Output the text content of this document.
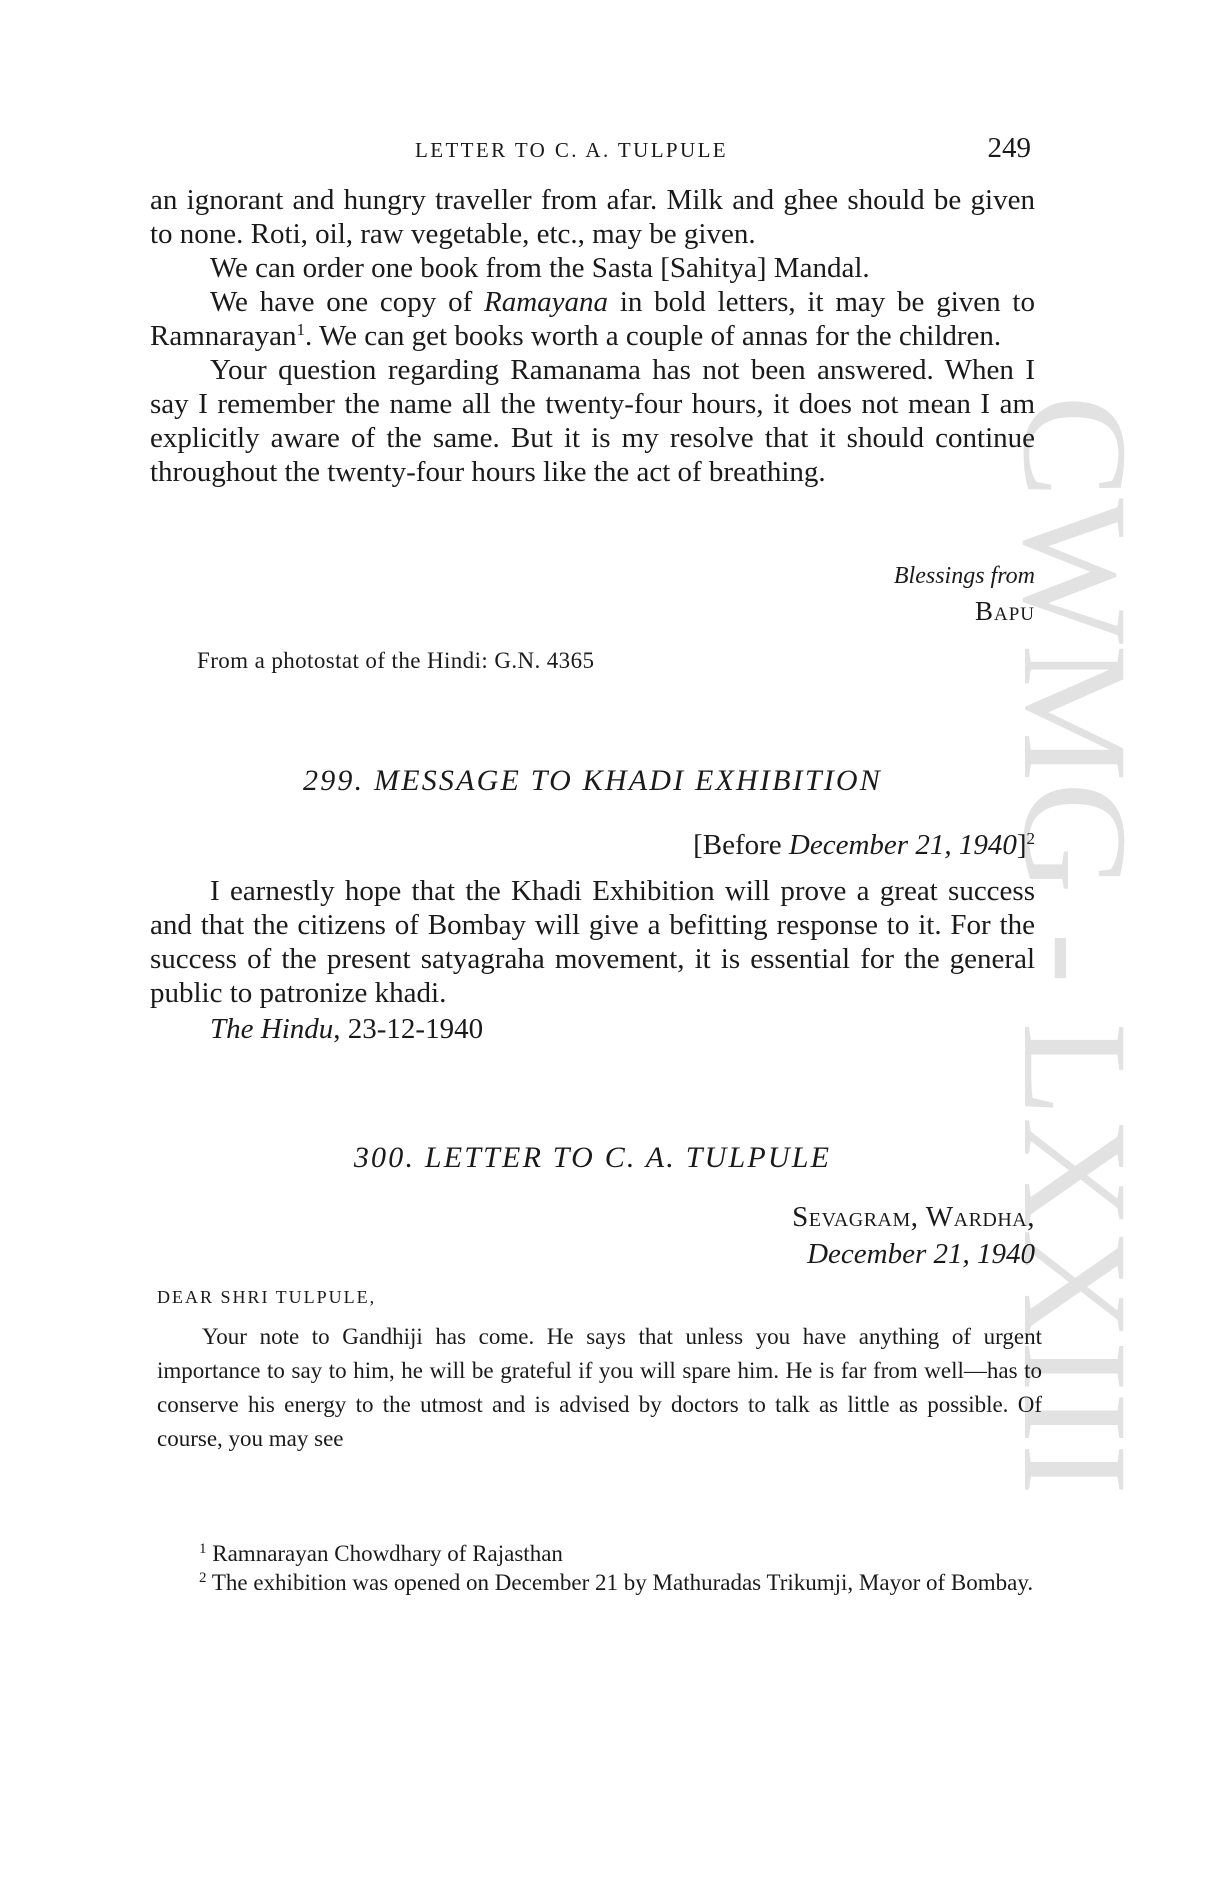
CWMG LXXIII
LETTER TO C. A. TULPULE	249

an ignorant and hungry traveller from afar. Milk and ghee should be given to none. Roti, oil, raw vegetable, etc., may be given.

We can order one book from the Sasta [Sahitya] Mandal.

We have one copy of Ramayana in bold letters, it may be given to Ramnarayan$^1$. We can get books worth a couple of annas for the children.

Your question regarding Ramanama has not been answered. When I say I remember the name all the twenty-four hours, it does not mean I am explicitly aware of the same. But it is my resolve that it should continue throughout the twenty-four hours like the act of breathing.

Blessings from
Bapu
From a photostat of the Hindi: G.N. 4365
299. MESSAGE TO KHADI EXHIBITION
[Before December 21, 1940]$^2$

I earnestly hope that the Khadi Exhibition will prove a great success and that the citizens of Bombay will give a befitting response to it. For the success of the present satyagraha movement, it is essential for the general public to patronize khadi.

The Hindu, 23-12-1940

300. LETTER TO C. A. TULPULE
Sevagram, Wardha,
December 21, 1940
DEAR SHRI TULPULE,

Your note to Gandhiji has come. He says that unless you have anything of urgent importance to say to him, he will be grateful if you will spare him. He is far from well—has to conserve his energy to the utmost and is advised by doctors to talk as little as possible. Of course, you may see

$^1$ Ramnarayan Chowdhary of Rajasthan

$^2$ The exhibition was opened on December 21 by Mathuradas Trikumji, Mayor of Bombay.
